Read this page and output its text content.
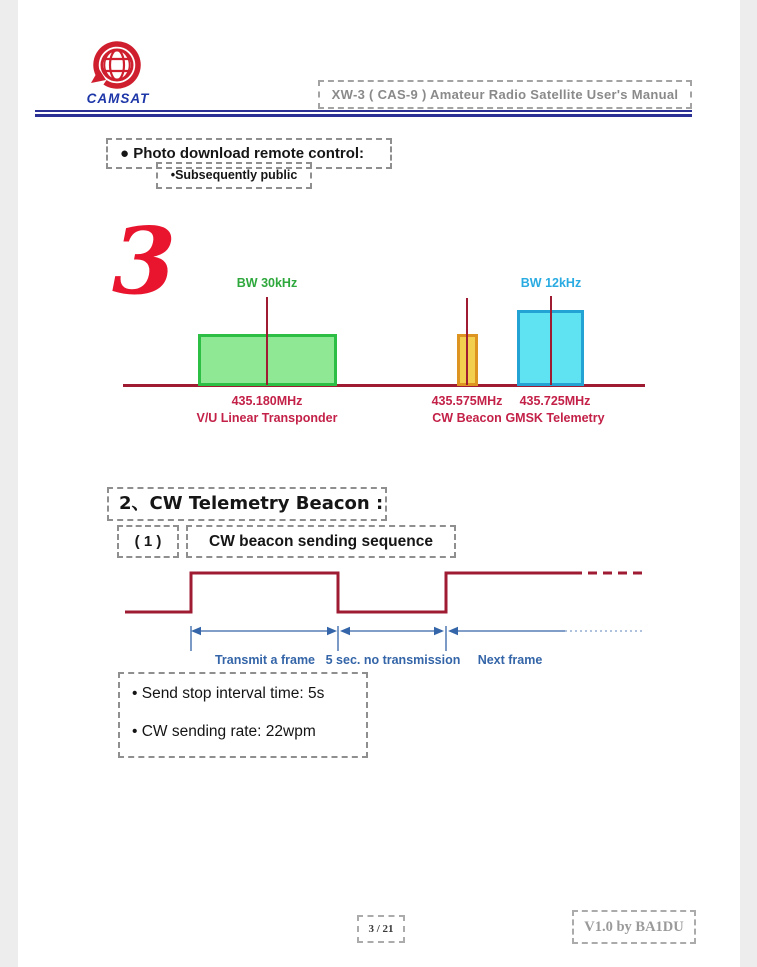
CAMSAT	XW-3 ( CAS-9 ) Amateur Radio Satellite User's Manual
● Photo download remote control:
•Subsequently public
3	BW 30kHz
435.180MHz
V/U Linear Transponder
435.575MHz
CW Beacon
BW 12kHz
435.725MHz
GMSK Telemetry
2、CW Telemetry Beacon :
( 1 )	CW beacon sending sequence
Transmit a frame 5 sec. no transmission	Next frame
• Send stop interval time: 5s
• CW sending rate: 22wpm
3 / 21	V1.0 by BA1DU
